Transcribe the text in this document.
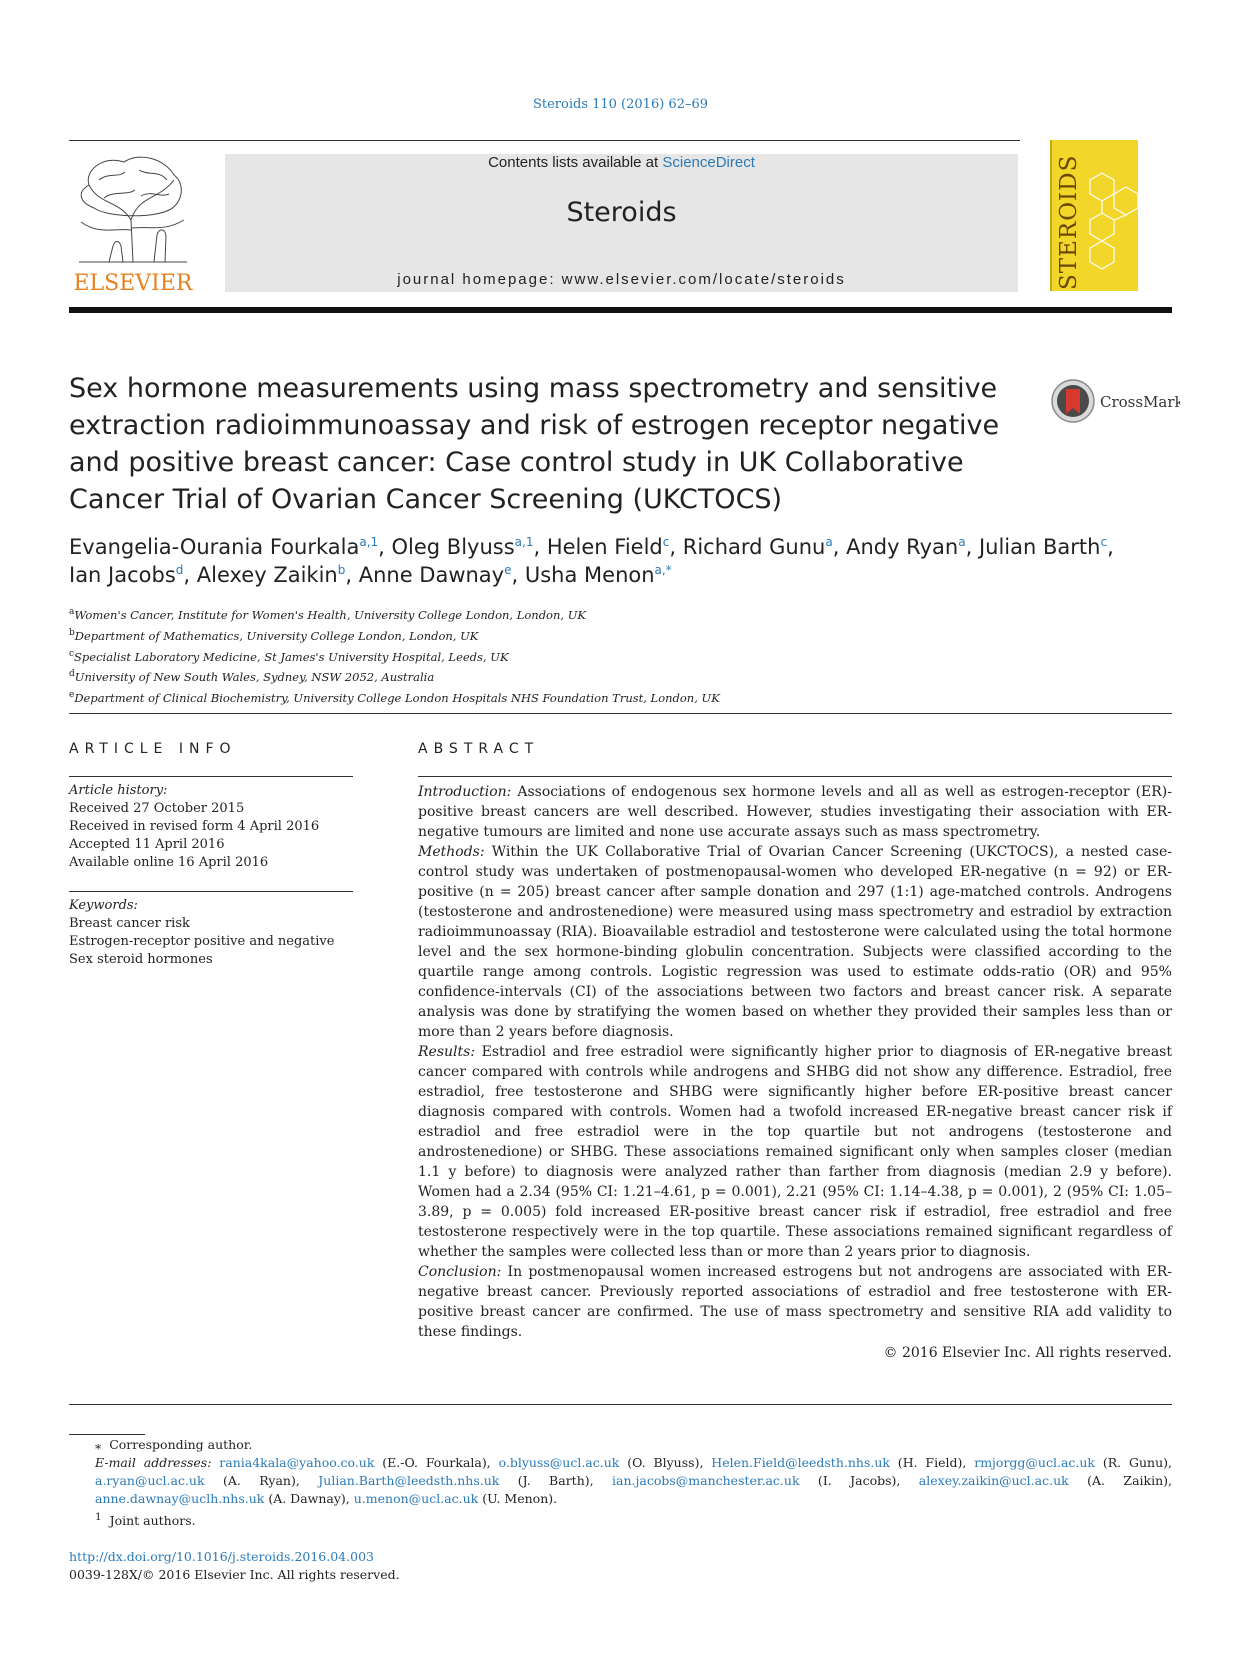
Steroids 110 (2016) 62–69
ELSEVIER
Contents lists available at ScienceDirect
Steroids
journal homepage: www.elsevier.com/locate/steroids	STEROIDS
Sex hormone measurements using mass spectrometry and sensitive extraction radioimmunoassay and risk of estrogen receptor negative and positive breast cancer: Case control study in UK Collaborative Cancer Trial of Ovarian Cancer Screening (UKCTOCS)
CrossMark
Evangelia-Ourania Fourkala$^{a,1}$, Oleg Blyuss$^{a,1}$, Helen Field$^c$, Richard Gunu$^a$, Andy Ryan$^a$, Julian Barth$^c$,
Ian Jacobs$^d$, Alexey Zaikin$^b$, Anne Dawnay$^e$, Usha Menon$^{a,*}$
$^a$Women's Cancer, Institute for Women's Health, University College London, London, UK
$^b$Department of Mathematics, University College London, London, UK
$^c$Specialist Laboratory Medicine, St James's University Hospital, Leeds, UK
$^d$University of New South Wales, Sydney, NSW 2052, Australia
$^e$Department of Clinical Biochemistry, University College London Hospitals NHS Foundation Trust, London, UK
ARTICLE INFO
Article history:
Received 27 October 2015
Received in revised form 4 April 2016
Accepted 11 April 2016
Available online 16 April 2016
Keywords:
Breast cancer risk
Estrogen-receptor positive and negative
Sex steroid hormones
ABSTRACT

Introduction: Associations of endogenous sex hormone levels and all as well as estrogen-receptor (ER)-positive breast cancers are well described. However, studies investigating their association with ER-negative tumours are limited and none use accurate assays such as mass spectrometry.

Methods: Within the UK Collaborative Trial of Ovarian Cancer Screening (UKCTOCS), a nested case-control study was undertaken of postmenopausal-women who developed ER-negative (n = 92) or ER-positive (n = 205) breast cancer after sample donation and 297 (1:1) age-matched controls. Androgens (testosterone and androstenedione) were measured using mass spectrometry and estradiol by extraction radioimmunoassay (RIA). Bioavailable estradiol and testosterone were calculated using the total hormone level and the sex hormone-binding globulin concentration. Subjects were classified according to the quartile range among controls. Logistic regression was used to estimate odds-ratio (OR) and 95% confidence-intervals (CI) of the associations between two factors and breast cancer risk. A separate analysis was done by stratifying the women based on whether they provided their samples less than or more than 2 years before diagnosis.

Results: Estradiol and free estradiol were significantly higher prior to diagnosis of ER-negative breast cancer compared with controls while androgens and SHBG did not show any difference. Estradiol, free estradiol, free testosterone and SHBG were significantly higher before ER-positive breast cancer diagnosis compared with controls. Women had a twofold increased ER-negative breast cancer risk if estradiol and free estradiol were in the top quartile but not androgens (testosterone and androstenedione) or SHBG. These associations remained significant only when samples closer (median 1.1 y before) to diagnosis were analyzed rather than farther from diagnosis (median 2.9 y before). Women had a 2.34 (95% CI: 1.21–4.61, p = 0.001), 2.21 (95% CI: 1.14–4.38, p = 0.001), 2 (95% CI: 1.05–3.89, p = 0.005) fold increased ER-positive breast cancer risk if estradiol, free estradiol and free testosterone respectively were in the top quartile. These associations remained significant regardless of whether the samples were collected less than or more than 2 years prior to diagnosis.

Conclusion: In postmenopausal women increased estrogens but not androgens are associated with ER-negative breast cancer. Previously reported associations of estradiol and free testosterone with ER-positive breast cancer are confirmed. The use of mass spectrometry and sensitive RIA add validity to these findings.

© 2016 Elsevier Inc. All rights reserved.

⁎ Corresponding author.
E-mail addresses: rania4kala@yahoo.co.uk (E.-O. Fourkala), o.blyuss@ucl.ac.uk (O. Blyuss), Helen.Field@leedsth.nhs.uk (H. Field), rmjorgg@ucl.ac.uk (R. Gunu), a.ryan@ucl.ac.uk (A. Ryan), Julian.Barth@leedsth.nhs.uk (J. Barth), ian.jacobs@manchester.ac.uk (I. Jacobs), alexey.zaikin@ucl.ac.uk (A. Zaikin), anne.dawnay@uclh.nhs.uk (A. Dawnay), u.menon@ucl.ac.uk (U. Menon).
$^1$ Joint authors.
http://dx.doi.org/10.1016/j.steroids.2016.04.003
0039-128X/© 2016 Elsevier Inc. All rights reserved.
